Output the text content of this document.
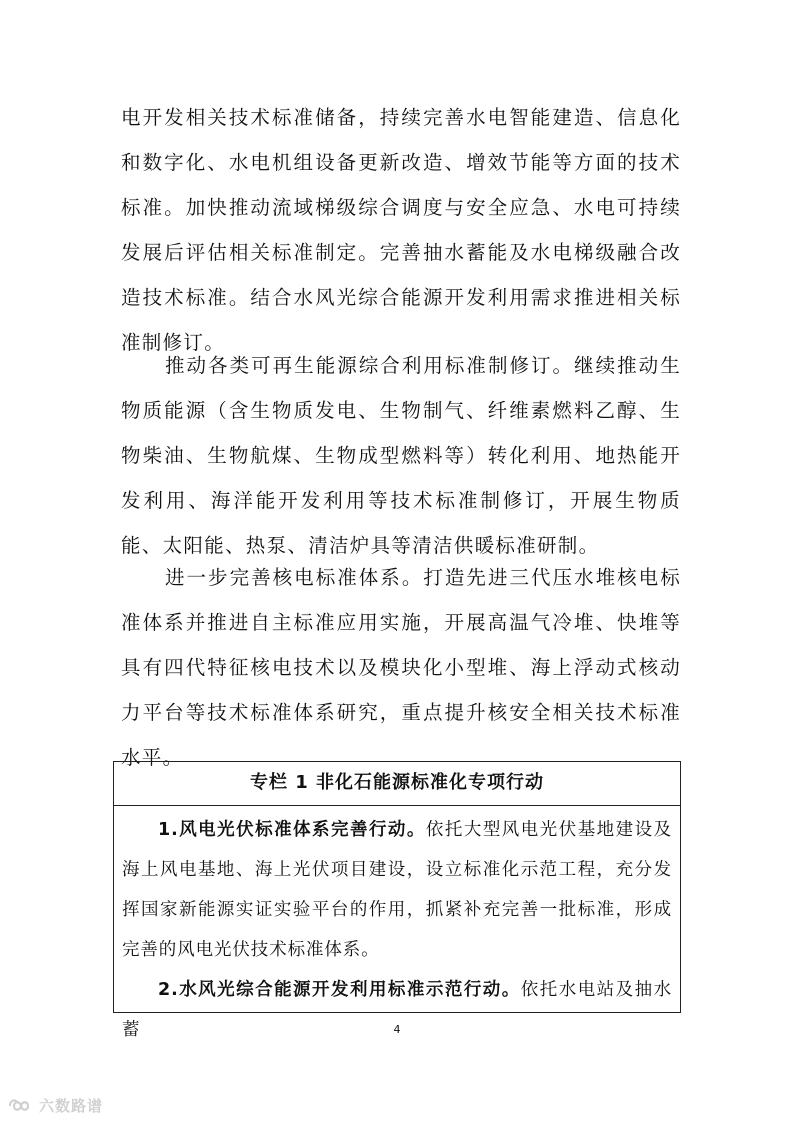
电开发相关技术标准储备，持续完善水电智能建造、信息化和数字化、水电机组设备更新改造、增效节能等方面的技术标准。加快推动流域梯级综合调度与安全应急、水电可持续发展后评估相关标准制定。完善抽水蓄能及水电梯级融合改造技术标准。结合水风光综合能源开发利用需求推进相关标准制修订。

推动各类可再生能源综合利用标准制修订。继续推动生物质能源（含生物质发电、生物制气、纤维素燃料乙醇、生物柴油、生物航煤、生物成型燃料等）转化利用、地热能开发利用、海洋能开发利用等技术标准制修订，开展生物质能、太阳能、热泵、清洁炉具等清洁供暖标准研制。

进一步完善核电标准体系。打造先进三代压水堆核电标准体系并推进自主标准应用实施，开展高温气冷堆、快堆等具有四代特征核电技术以及模块化小型堆、海上浮动式核动力平台等技术标准体系研究，重点提升核安全相关技术标准水平。

专栏 1 非化石能源标准化专项行动

1.风电光伏标准体系完善行动。依托大型风电光伏基地建设及海上风电基地、海上光伏项目建设，设立标准化示范工程，充分发挥国家新能源实证实验平台的作用，抓紧补充完善一批标准，形成完善的风电光伏技术标准体系。

2.水风光综合能源开发利用标准示范行动。依托水电站及抽水蓄	4
六数路谱
